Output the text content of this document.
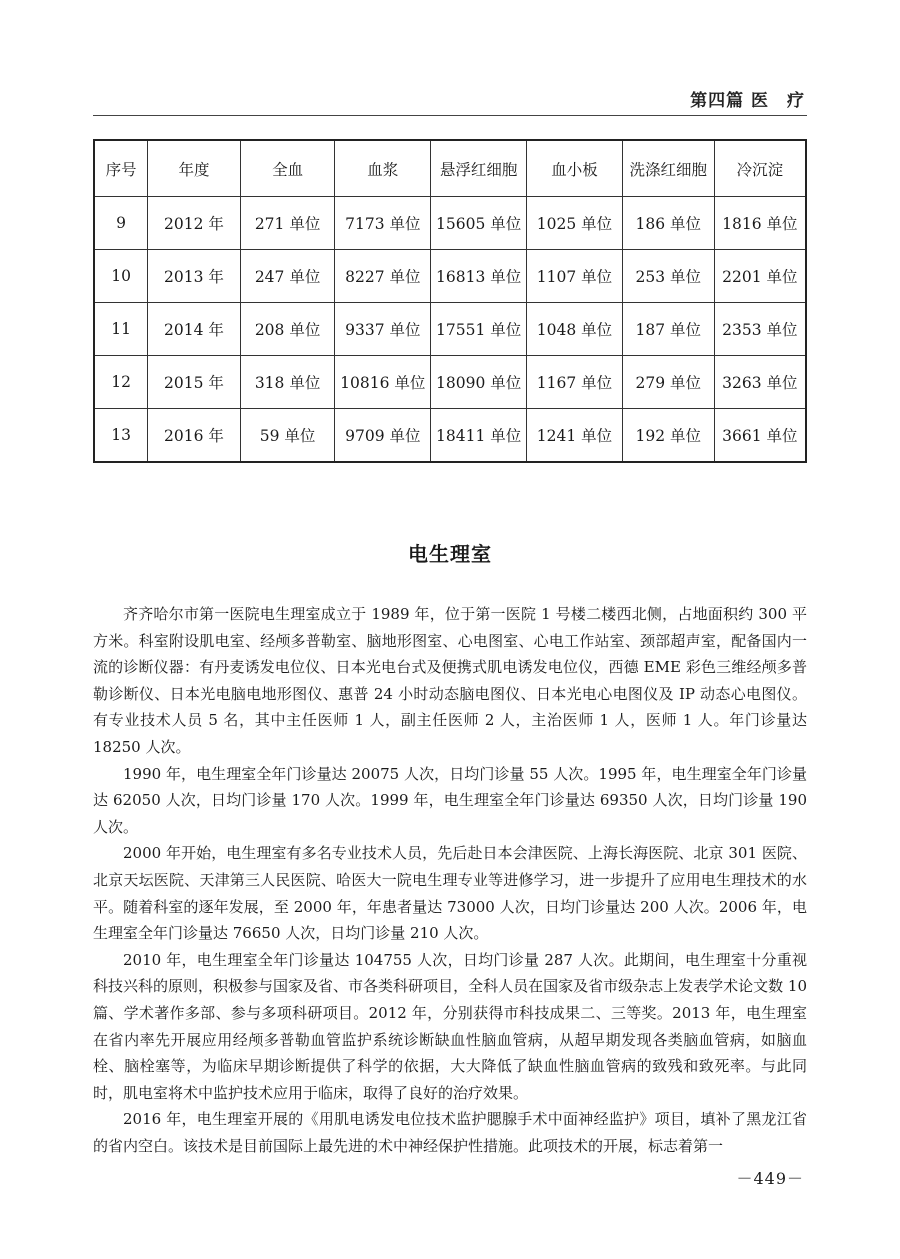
第四篇 医　疗
序号	年度	全血	血浆	悬浮红细胞	血小板	洗涤红细胞	冷沉淀
9	2012 年	271 单位	7173 单位	15605 单位	1025 单位	186 单位	1816 单位
10	2013 年	247 单位	8227 单位	16813 单位	1107 单位	253 单位	2201 单位
11	2014 年	208 单位	9337 单位	17551 单位	1048 单位	187 单位	2353 单位
12	2015 年	318 单位	10816 单位	18090 单位	1167 单位	279 单位	3263 单位
13	2016 年	59 单位	9709 单位	18411 单位	1241 单位	192 单位	3661 单位
电生理室

齐齐哈尔市第一医院电生理室成立于 1989 年，位于第一医院 1 号楼二楼西北侧，占地面积约 300 平方米。科室附设肌电室、经颅多普勒室、脑地形图室、心电图室、心电工作站室、颈部超声室，配备国内一流的诊断仪器：有丹麦诱发电位仪、日本光电台式及便携式肌电诱发电位仪，西德 EME 彩色三维经颅多普勒诊断仪、日本光电脑电地形图仪、惠普 24 小时动态脑电图仪、日本光电心电图仪及 IP 动态心电图仪。有专业技术人员 5 名，其中主任医师 1 人，副主任医师 2 人，主治医师 1 人，医师 1 人。年门诊量达 18250 人次。

1990 年，电生理室全年门诊量达 20075 人次，日均门诊量 55 人次。1995 年，电生理室全年门诊量达 62050 人次，日均门诊量 170 人次。1999 年，电生理室全年门诊量达 69350 人次，日均门诊量 190 人次。

2000 年开始，电生理室有多名专业技术人员，先后赴日本会津医院、上海长海医院、北京 301 医院、北京天坛医院、天津第三人民医院、哈医大一院电生理专业等进修学习，进一步提升了应用电生理技术的水平。随着科室的逐年发展，至 2000 年，年患者量达 73000 人次，日均门诊量达 200 人次。2006 年，电生理室全年门诊量达 76650 人次，日均门诊量 210 人次。

2010 年，电生理室全年门诊量达 104755 人次，日均门诊量 287 人次。此期间，电生理室十分重视科技兴科的原则，积极参与国家及省、市各类科研项目，全科人员在国家及省市级杂志上发表学术论文数 10 篇、学术著作多部、参与多项科研项目。2012 年，分别获得市科技成果二、三等奖。2013 年，电生理室在省内率先开展应用经颅多普勒血管监护系统诊断缺血性脑血管病，从超早期发现各类脑血管病，如脑血栓、脑栓塞等，为临床早期诊断提供了科学的依据，大大降低了缺血性脑血管病的致残和致死率。与此同时，肌电室将术中监护技术应用于临床，取得了良好的治疗效果。

2016 年，电生理室开展的《用肌电诱发电位技术监护腮腺手术中面神经监护》项目，填补了黑龙江省的省内空白。该技术是目前国际上最先进的术中神经保护性措施。此项技术的开展，标志着第一

－449－
